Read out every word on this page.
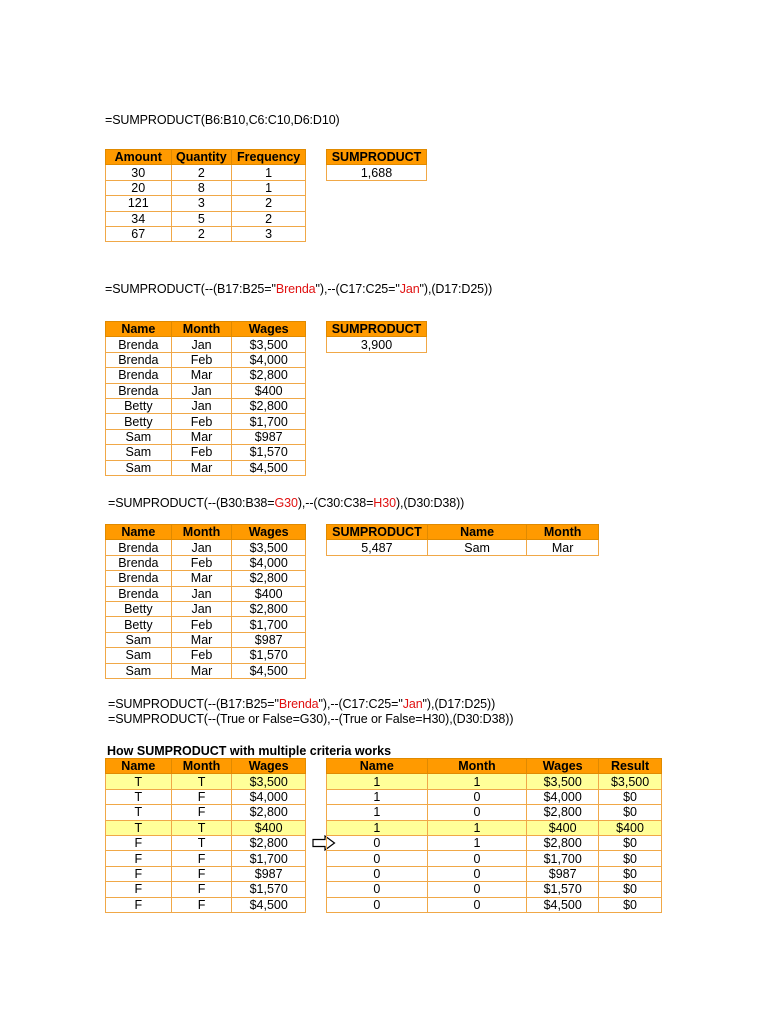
=SUMPRODUCT(B6:B10,C6:C10,D6:D10)
Amount	Quantity	Frequency
30	2	1
20	8	1
121	3	2
34	5	2
67	2	3
SUMPRODUCT
1,688
=SUMPRODUCT(--(B17:B25="Brenda"),--(C17:C25="Jan"),(D17:D25))
Name	Month	Wages
Brenda	Jan	$3,500
Brenda	Feb	$4,000
Brenda	Mar	$2,800
Brenda	Jan	$400
Betty	Jan	$2,800
Betty	Feb	$1,700
Sam	Mar	$987
Sam	Feb	$1,570
Sam	Mar	$4,500
SUMPRODUCT
3,900
=SUMPRODUCT(--(B30:B38=G30),--(C30:C38=H30),(D30:D38))
Name	Month	Wages
Brenda	Jan	$3,500
Brenda	Feb	$4,000
Brenda	Mar	$2,800
Brenda	Jan	$400
Betty	Jan	$2,800
Betty	Feb	$1,700
Sam	Mar	$987
Sam	Feb	$1,570
Sam	Mar	$4,500
SUMPRODUCT	Name	Month
5,487	Sam	Mar
=SUMPRODUCT(--(B17:B25="Brenda"),--(C17:C25="Jan"),(D17:D25))
=SUMPRODUCT(--(True or False=G30),--(True or False=H30),(D30:D38))
How SUMPRODUCT with multiple criteria works
Name	Month	Wages
T	T	$3,500
T	F	$4,000
T	F	$2,800
T	T	$400
F	T	$2,800
F	F	$1,700
F	F	$987
F	F	$1,570
F	F	$4,500
Name	Month	Wages	Result
1	1	$3,500	$3,500
1	0	$4,000	$0
1	0	$2,800	$0
1	1	$400	$400
0	1	$2,800	$0
0	0	$1,700	$0
0	0	$987	$0
0	0	$1,570	$0
0	0	$4,500	$0
